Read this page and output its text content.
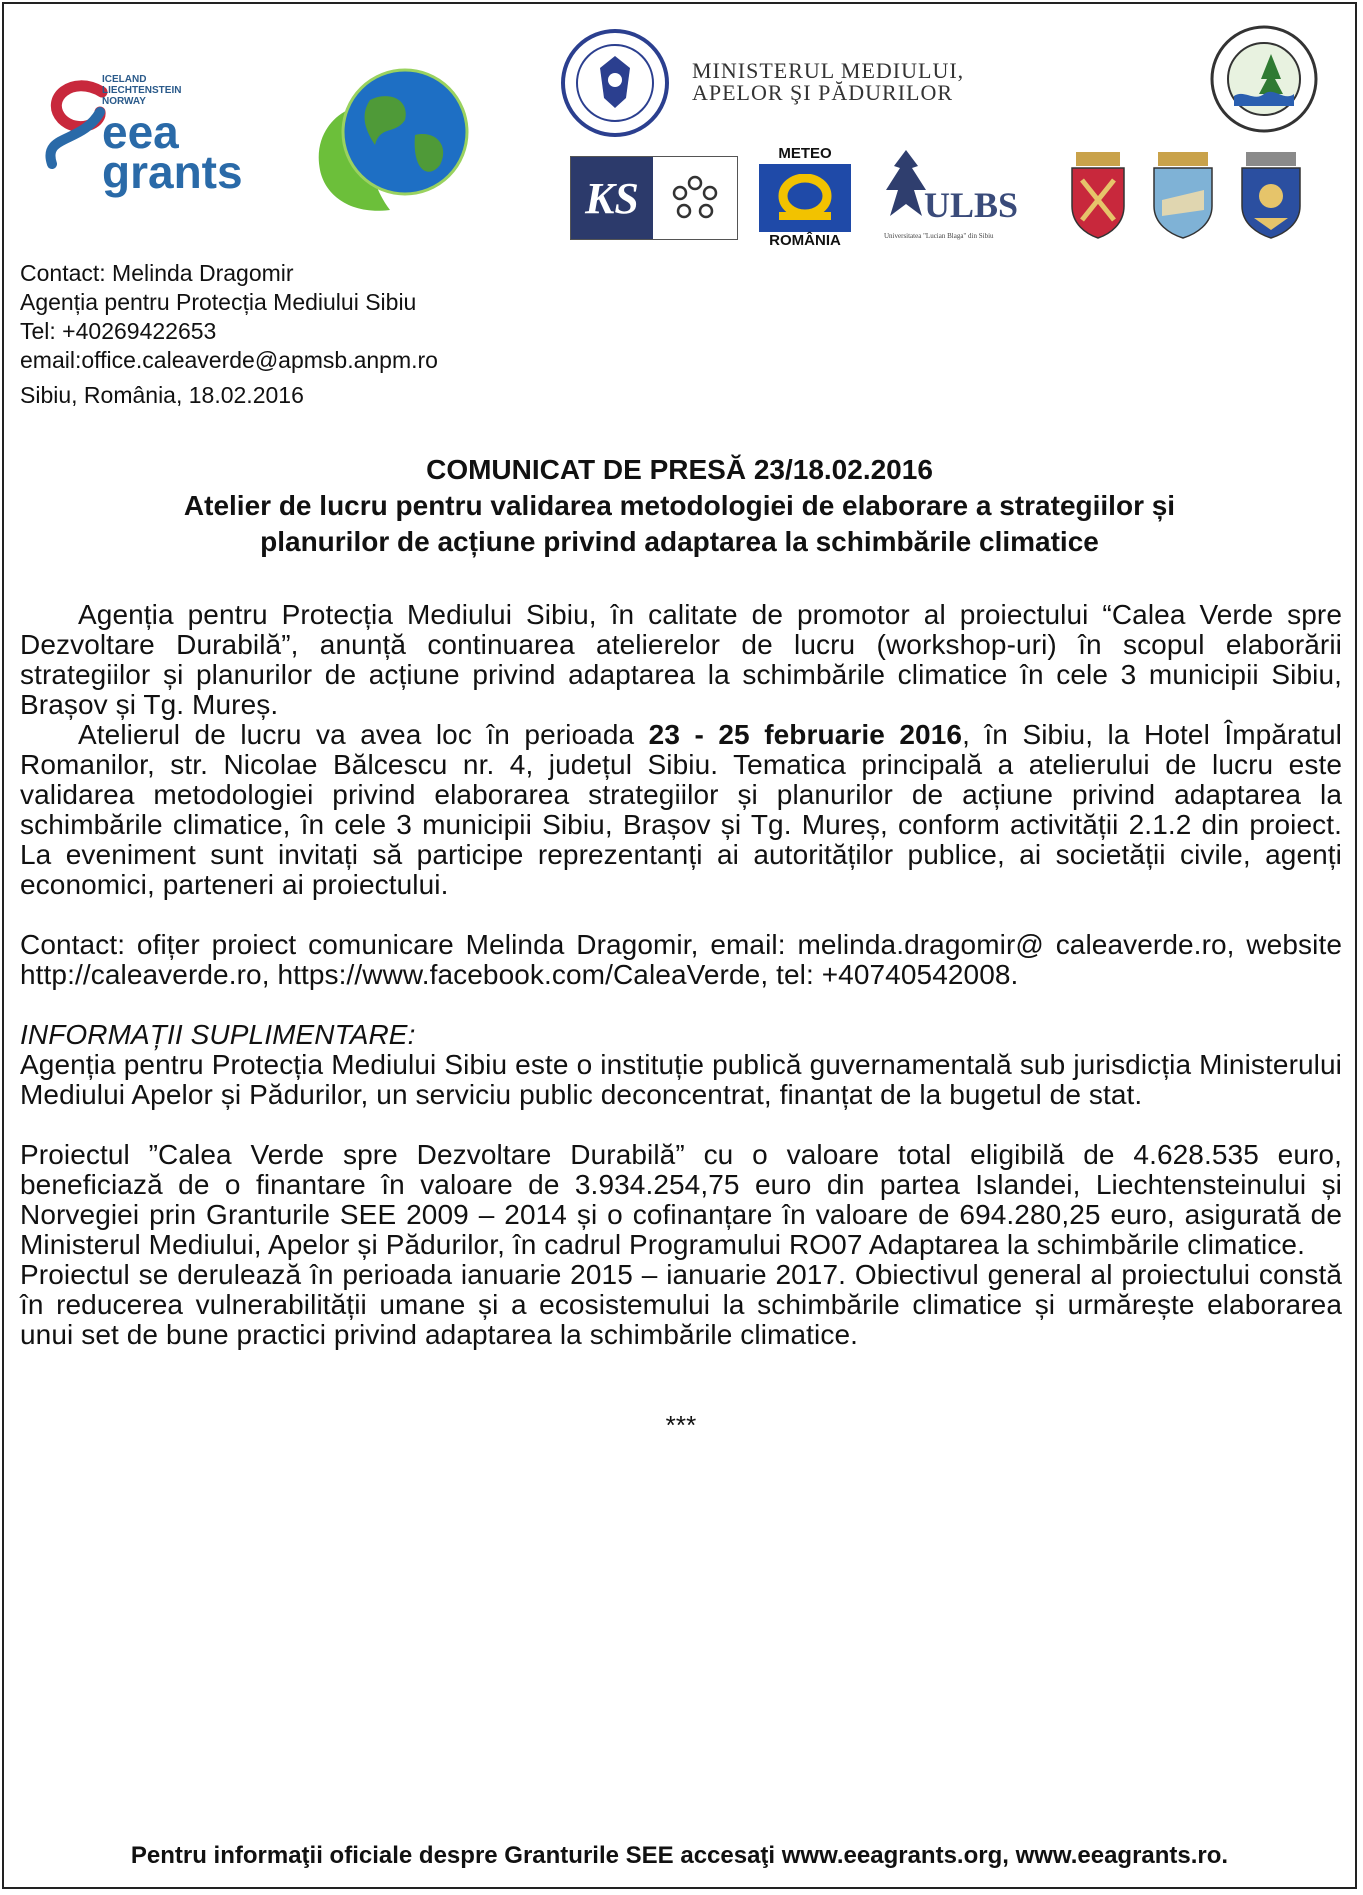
ICELAND
LIECHTENSTEIN
NORWAY
eea
grants
MINISTERUL MEDIULUI,
APELOR ŞI PĂDURILOR
KS
METEO
ROMÂNIA
ULBS
Universitatea "Lucian Blaga" din Sibiu
Contact: Melinda Dragomir
Agenția pentru Protecția Mediului Sibiu
Tel: +40269422653
email:office.caleaverde@apmsb.anpm.ro
Sibiu, România, 18.02.2016
COMUNICAT DE PRESĂ 23/18.02.2016
Atelier de lucru pentru validarea metodologiei de elaborare a strategiilor și
planurilor de acțiune privind adaptarea la schimbările climatice

Agenția pentru Protecția Mediului Sibiu, în calitate de promotor al proiectului “Calea Verde spre Dezvoltare Durabilă”, anunță continuarea atelierelor de lucru (workshop-uri) în scopul elaborării strategiilor și planurilor de acțiune privind adaptarea la schimbările climatice în cele 3 municipii Sibiu, Brașov și Tg. Mureș.

Atelierul de lucru va avea loc în perioada 23 - 25 februarie 2016, în Sibiu, la Hotel Împăratul Romanilor, str. Nicolae Bălcescu nr. 4, județul Sibiu. Tematica principală a atelierului de lucru este validarea metodologiei privind elaborarea strategiilor și planurilor de acțiune privind adaptarea la schimbările climatice, în cele 3 municipii Sibiu, Brașov și Tg. Mureș, conform activității 2.1.2 din proiect. La eveniment sunt invitați să participe reprezentanți ai autorităților publice, ai societății civile, agenți economici, parteneri ai proiectului.

Contact: ofițer proiect comunicare Melinda Dragomir, email: melinda.dragomir@ caleaverde.ro, website http://caleaverde.ro, https://www.facebook.com/CaleaVerde, tel: +40740542008.

INFORMAȚII SUPLIMENTARE:

Agenția pentru Protecția Mediului Sibiu este o instituție publică guvernamentală sub jurisdicția Ministerului Mediului Apelor și Pădurilor, un serviciu public deconcentrat, finanțat de la bugetul de stat.

Proiectul ”Calea Verde spre Dezvoltare Durabilă” cu o valoare total eligibilă de 4.628.535 euro, beneficiază de o finantare în valoare de 3.934.254,75 euro din partea Islandei, Liechtensteinului și Norvegiei prin Granturile SEE 2009 – 2014 și o cofinanțare în valoare de 694.280,25 euro, asigurată de Ministerul Mediului, Apelor și Pădurilor, în cadrul Programului RO07 Adaptarea la schimbările climatice.

Proiectul se derulează în perioada ianuarie 2015 – ianuarie 2017. Obiectivul general al proiectului constă în reducerea vulnerabilității umane și a ecosistemului la schimbările climatice și urmărește elaborarea unui set de bune practici privind adaptarea la schimbările climatice.

***
Pentru informaţii oficiale despre Granturile SEE accesaţi www.eeagrants.org, www.eeagrants.ro.
